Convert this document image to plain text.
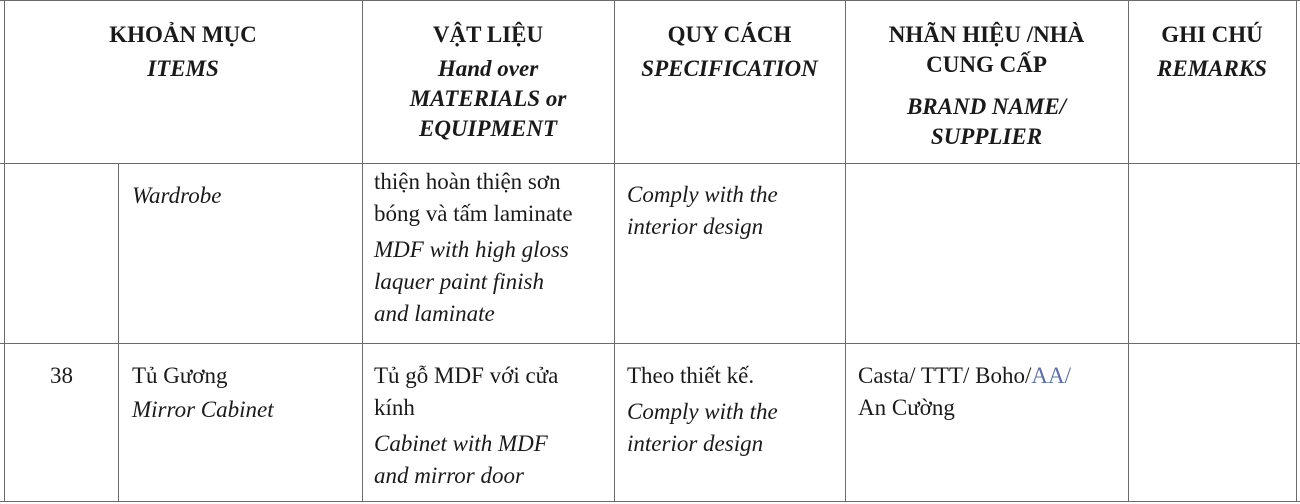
KHOẢN MỤC
ITEMS
VẬT LIỆU
Hand over
MATERIALS or
EQUIPMENT
QUY CÁCH
SPECIFICATION
NHÃN HIỆU /NHÀ
CUNG CẤP
BRAND NAME/
SUPPLIER
GHI CHÚ
REMARKS
Wardrobe
thiện hoàn thiện sơn
bóng và tấm laminate
MDF with high gloss
laquer paint finish
and laminate
Comply with the
interior design
38	Tủ Gương
Mirror Cabinet
Tủ gỗ MDF với cửa
kính
Cabinet with MDF
and mirror door
Theo thiết kế.
Comply with the
interior design
Casta/ TTT/ Boho/AA/
An Cường
